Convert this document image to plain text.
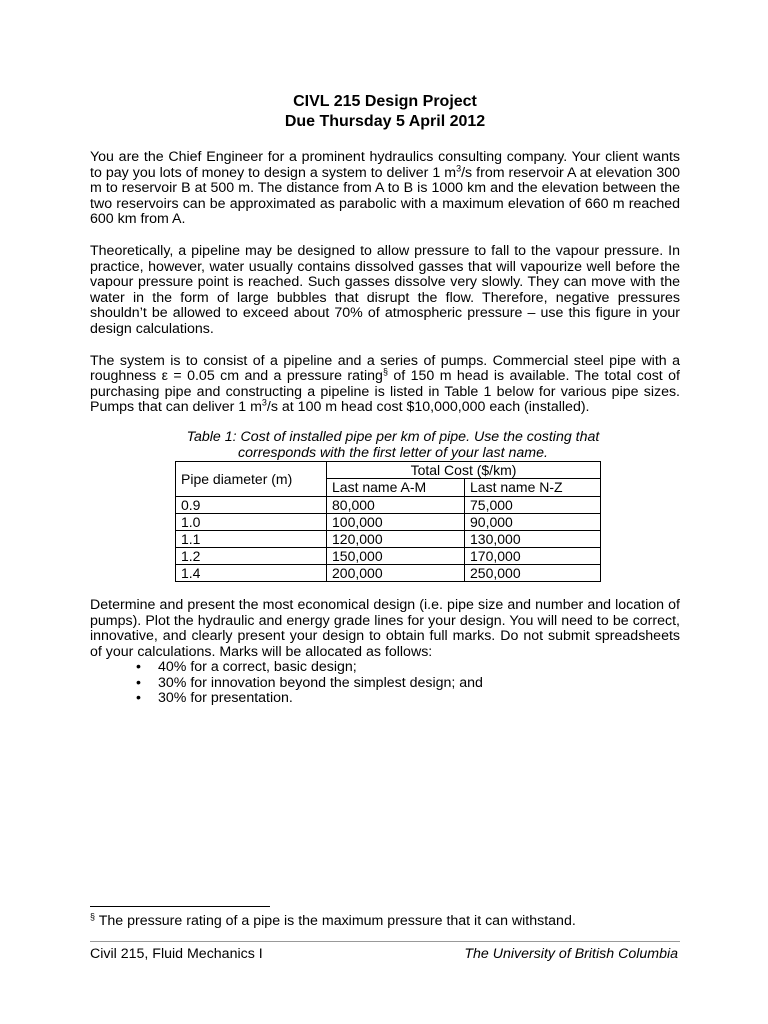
CIVL 215 Design Project
Due Thursday 5 April 2012
You are the Chief Engineer for a prominent hydraulics consulting company. Your client wants to pay you lots of money to design a system to deliver 1 $m^3/s$ from reservoir A at elevation 300 m to reservoir B at 500 m. The distance from A to B is 1000 km and the elevation between the two reservoirs can be approximated as parabolic with a maximum elevation of 660 m reached 600 km from A.
Theoretically, a pipeline may be designed to allow pressure to fall to the vapour pressure. In practice, however, water usually contains dissolved gasses that will vapourize well before the vapour pressure point is reached. Such gasses dissolve very slowly. They can move with the water in the form of large bubbles that disrupt the flow. Therefore, negative pressures shouldn’t be allowed to exceed about 70% of atmospheric pressure – use this figure in your design calculations.
The system is to consist of a pipeline and a series of pumps. Commercial steel pipe with a roughness ε = 0.05 cm and a pressure rating§ of 150 m head is available. The total cost of purchasing pipe and constructing a pipeline is listed in Table 1 below for various pipe sizes. Pumps that can deliver 1 $m^3/s$ at 100 m head cost $10,000,000 each (installed).
Table 1: Cost of installed pipe per km of pipe. Use the costing that corresponds with the first letter of your last name.
Pipe diameter (m)	Total Cost ($/km)	
	Last name A-M	Last name N-Z
0.9	80,000	75,000
1.0	100,000	90,000
1.1	120,000	130,000
1.2	150,000	170,000
1.4	200,000	250,000
Determine and present the most economical design (i.e. pipe size and number and location of pumps). Plot the hydraulic and energy grade lines for your design. You will need to be correct, innovative, and clearly present your design to obtain full marks. Do not submit spreadsheets of your calculations. Marks will be allocated as follows:
• 40% for a correct, basic design;
• 30% for innovation beyond the simplest design; and
• 30% for presentation.
§ The pressure rating of a pipe is the maximum pressure that it can withstand.
Civil 215, Fluid Mechanics I	The University of British Columbia
